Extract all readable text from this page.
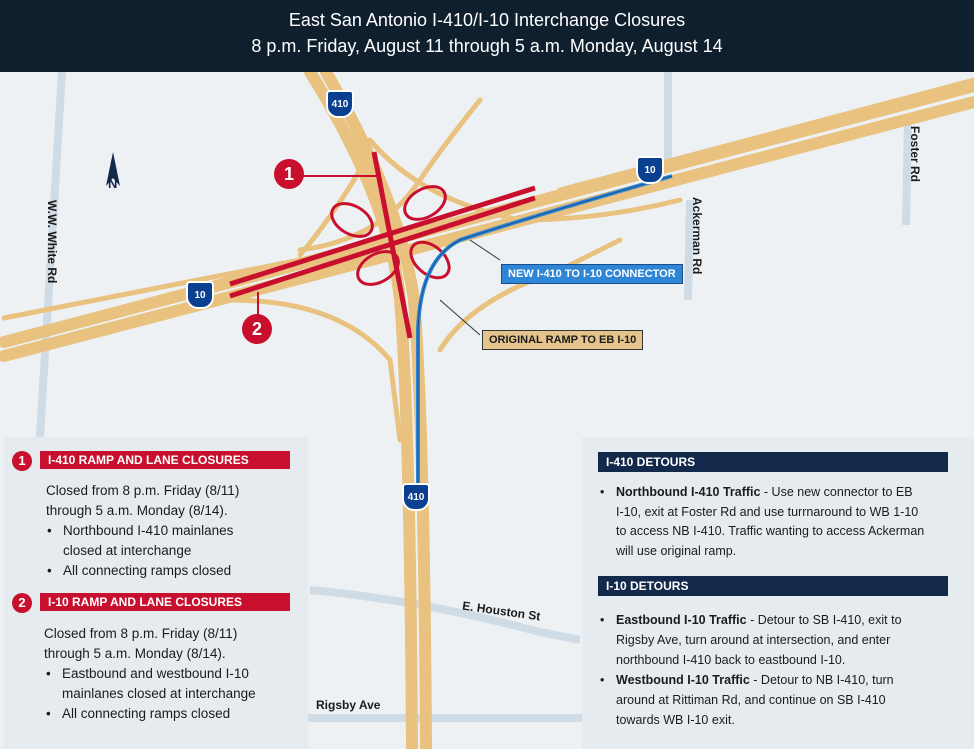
East San Antonio I-410/I-10 Interchange Closures
8 p.m. Friday, August 11 through 5 a.m. Monday, August 14
N
410
10
10
410
1
2
NEW I-410 TO I-10 CONNECTOR
ORIGINAL RAMP TO EB I-10
W.W. White Rd	Ackerman Rd
Foster Rd
E. Houston St
Rigsby Ave
1	I-410 RAMP AND LANE CLOSURES
Closed from 8 p.m. Friday (8/11)
through 5 a.m. Monday (8/14).
• Northbound I-410 mainlanes
closed at interchange
• All connecting ramps closed
2	I-10 RAMP AND LANE CLOSURES
Closed from 8 p.m. Friday (8/11)
through 5 a.m. Monday (8/14).
• Eastbound and westbound I-10
mainlanes closed at interchange
• All connecting ramps closed
I-410 DETOURS
• Northbound I-410 Traffic - Use new connector to EB
I-10, exit at Foster Rd and use turrnaround to WB 1-10
to access NB I-410. Traffic wanting to access Ackerman
will use original ramp.
I-10 DETOURS
• Eastbound I-10 Traffic - Detour to SB I-410, exit to
Rigsby Ave, turn around at intersection, and enter
northbound I-410 back to eastbound I-10.
• Westbound I-10 Traffic - Detour to NB I-410, turn
around at Rittiman Rd, and continue on SB I-410
towards WB I-10 exit.
